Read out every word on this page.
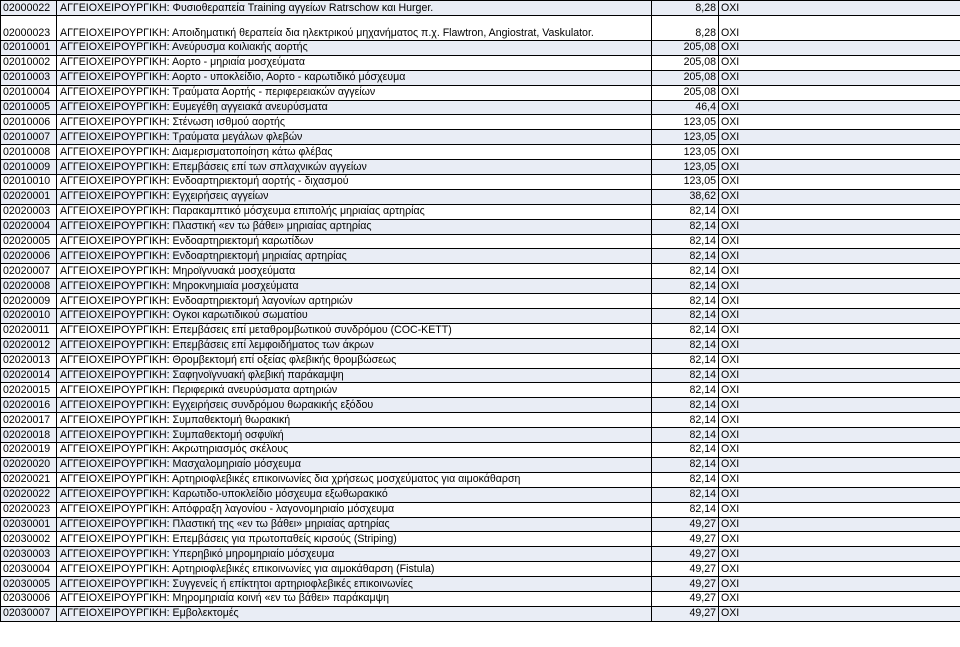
02000022	ΑΓΓΕΙΟΧΕΙΡΟΥΡΓΙΚΗ: Φυσιοθεραπεία Training αγγείων Ratrschow και Hurger.	8,28	ΟΧΙ
02000023	ΑΓΓΕΙΟΧΕΙΡΟΥΡΓΙΚΗ: Αποιδηματική θεραπεία δια ηλεκτρικού μηχανήματος π.χ. Flawtron, Angiostrat, Vaskulator.	8,28	ΟΧΙ
02010001	ΑΓΓΕΙΟΧΕΙΡΟΥΡΓΙΚΗ: Ανεύρυσμα κοιλιακής αορτής	205,08	ΟΧΙ
02010002	ΑΓΓΕΙΟΧΕΙΡΟΥΡΓΙΚΗ: Αορτο - μηριαία μοσχεύματα	205,08	ΟΧΙ
02010003	ΑΓΓΕΙΟΧΕΙΡΟΥΡΓΙΚΗ: Αορτο - υποκλείδιο, Αορτο - καρωτιδικό μόσχευμα	205,08	ΟΧΙ
02010004	ΑΓΓΕΙΟΧΕΙΡΟΥΡΓΙΚΗ: Τραύματα Αορτής - περιφερειακών αγγείων	205,08	ΟΧΙ
02010005	ΑΓΓΕΙΟΧΕΙΡΟΥΡΓΙΚΗ: Ευμεγέθη αγγειακά ανευρύσματα	46,4	ΟΧΙ
02010006	ΑΓΓΕΙΟΧΕΙΡΟΥΡΓΙΚΗ: Στένωση ισθμού αορτής	123,05	ΟΧΙ
02010007	ΑΓΓΕΙΟΧΕΙΡΟΥΡΓΙΚΗ: Τραύματα μεγάλων φλεβών	123,05	ΟΧΙ
02010008	ΑΓΓΕΙΟΧΕΙΡΟΥΡΓΙΚΗ: Διαμερισματοποίηση κάτω φλέβας	123,05	ΟΧΙ
02010009	ΑΓΓΕΙΟΧΕΙΡΟΥΡΓΙΚΗ: Επεμβάσεις επί των σπλαχνικών αγγείων	123,05	ΟΧΙ
02010010	ΑΓΓΕΙΟΧΕΙΡΟΥΡΓΙΚΗ: Ενδοαρτηριεκτομή αορτής - διχασμού	123,05	ΟΧΙ
02020001	ΑΓΓΕΙΟΧΕΙΡΟΥΡΓΙΚΗ: Εγχειρήσεις αγγείων	38,62	ΟΧΙ
02020003	ΑΓΓΕΙΟΧΕΙΡΟΥΡΓΙΚΗ: Παρακαμπτικό μόσχευμα επιπολής μηριαίας αρτηρίας	82,14	ΟΧΙ
02020004	ΑΓΓΕΙΟΧΕΙΡΟΥΡΓΙΚΗ: Πλαστική «εν τω βάθει» μηριαίας αρτηρίας	82,14	ΟΧΙ
02020005	ΑΓΓΕΙΟΧΕΙΡΟΥΡΓΙΚΗ: Ενδοαρτηριεκτομή καρωτίδων	82,14	ΟΧΙ
02020006	ΑΓΓΕΙΟΧΕΙΡΟΥΡΓΙΚΗ: Ενδοαρτηριεκτομή μηριαίας αρτηρίας	82,14	ΟΧΙ
02020007	ΑΓΓΕΙΟΧΕΙΡΟΥΡΓΙΚΗ: Μηροϊγνυακά μοσχεύματα	82,14	ΟΧΙ
02020008	ΑΓΓΕΙΟΧΕΙΡΟΥΡΓΙΚΗ: Μηροκνημιαία μοσχεύματα	82,14	ΟΧΙ
02020009	ΑΓΓΕΙΟΧΕΙΡΟΥΡΓΙΚΗ: Ενδοαρτηριεκτομή λαγονίων αρτηριών	82,14	ΟΧΙ
02020010	ΑΓΓΕΙΟΧΕΙΡΟΥΡΓΙΚΗ: Ογκοι καρωτιδικού σωματίου	82,14	ΟΧΙ
02020011	ΑΓΓΕΙΟΧΕΙΡΟΥΡΓΙΚΗ: Επεμβάσεις επί μεταθρομβωτικού συνδρόμου (COC-KETT)	82,14	ΟΧΙ
02020012	ΑΓΓΕΙΟΧΕΙΡΟΥΡΓΙΚΗ: Επεμβάσεις επί λεμφοιδήματος των άκρων	82,14	ΟΧΙ
02020013	ΑΓΓΕΙΟΧΕΙΡΟΥΡΓΙΚΗ: Θρομβεκτομή επί οξείας φλεβικής θρομβώσεως	82,14	ΟΧΙ
02020014	ΑΓΓΕΙΟΧΕΙΡΟΥΡΓΙΚΗ: Σαφηνοϊγνυακή φλεβική παράκαμψη	82,14	ΟΧΙ
02020015	ΑΓΓΕΙΟΧΕΙΡΟΥΡΓΙΚΗ: Περιφερικά ανευρύσματα αρτηριών	82,14	ΟΧΙ
02020016	ΑΓΓΕΙΟΧΕΙΡΟΥΡΓΙΚΗ: Εγχειρήσεις συνδρόμου θωρακικής εξόδου	82,14	ΟΧΙ
02020017	ΑΓΓΕΙΟΧΕΙΡΟΥΡΓΙΚΗ: Συμπαθεκτομή θωρακική	82,14	ΟΧΙ
02020018	ΑΓΓΕΙΟΧΕΙΡΟΥΡΓΙΚΗ: Συμπαθεκτομή οσφυϊκή	82,14	ΟΧΙ
02020019	ΑΓΓΕΙΟΧΕΙΡΟΥΡΓΙΚΗ: Ακρωτηριασμός σκέλους	82,14	ΟΧΙ
02020020	ΑΓΓΕΙΟΧΕΙΡΟΥΡΓΙΚΗ: Μασχαλομηριαίο μόσχευμα	82,14	ΟΧΙ
02020021	ΑΓΓΕΙΟΧΕΙΡΟΥΡΓΙΚΗ: Αρτηριοφλεβικές επικοινωνίες δια χρήσεως μοσχεύματος για αιμοκάθαρση	82,14	ΟΧΙ
02020022	ΑΓΓΕΙΟΧΕΙΡΟΥΡΓΙΚΗ: Καρωτιδο-υποκλείδιο μόσχευμα εξωθωρακικό	82,14	ΟΧΙ
02020023	ΑΓΓΕΙΟΧΕΙΡΟΥΡΓΙΚΗ: Απόφραξη λαγονίου - λαγονομηριαίο μόσχευμα	82,14	ΟΧΙ
02030001	ΑΓΓΕΙΟΧΕΙΡΟΥΡΓΙΚΗ: Πλαστική της «εν τω βάθει» μηριαίας αρτηρίας	49,27	ΟΧΙ
02030002	ΑΓΓΕΙΟΧΕΙΡΟΥΡΓΙΚΗ: Επεμβάσεις για πρωτοπαθείς κιρσούς (Striping)	49,27	ΟΧΙ
02030003	ΑΓΓΕΙΟΧΕΙΡΟΥΡΓΙΚΗ: Υπερηβικό μηρομηριαίο μόσχευμα	49,27	ΟΧΙ
02030004	ΑΓΓΕΙΟΧΕΙΡΟΥΡΓΙΚΗ: Αρτηριοφλεβικές επικοινωνίες για αιμοκάθαρση (Fistula)	49,27	ΟΧΙ
02030005	ΑΓΓΕΙΟΧΕΙΡΟΥΡΓΙΚΗ: Συγγενείς ή επίκτητοι αρτηριοφλεβικές επικοινωνίες	49,27	ΟΧΙ
02030006	ΑΓΓΕΙΟΧΕΙΡΟΥΡΓΙΚΗ: Μηρομηριαία κοινή «εν τω βάθει» παράκαμψη	49,27	ΟΧΙ
02030007	ΑΓΓΕΙΟΧΕΙΡΟΥΡΓΙΚΗ: Εμβολεκτομές	49,27	ΟΧΙ
